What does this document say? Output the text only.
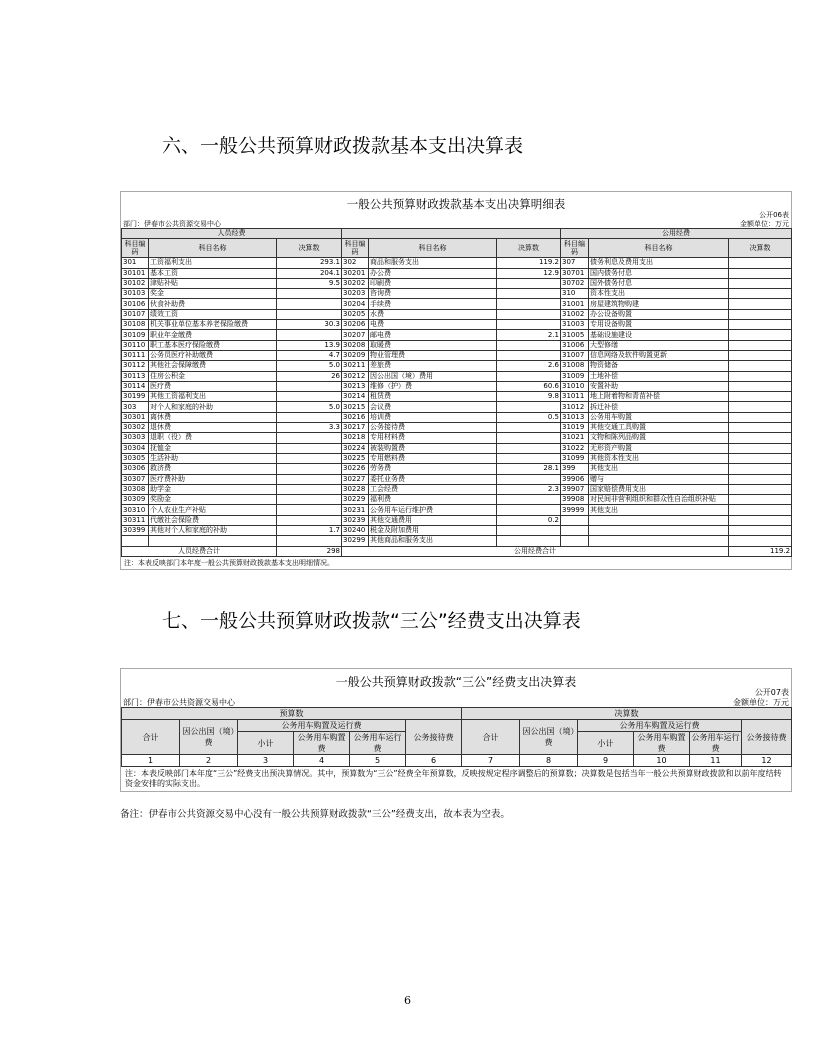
六、一般公共预算财政拨款基本支出决算表
一般公共预算财政拨款基本支出决算明细表
公开06表
部门：伊春市公共资源交易中心	金额单位：万元
人员经费						公用经费		
科目编码	科目名称	决算数	科目编码	科目名称	决算数	科目编码	科目名称	决算数
301	工资福利支出	293.1	302	商品和服务支出	119.2	307	债务利息及费用支出	
30101	基本工资	204.1	30201	办公费	12.9	30701	国内债务付息	
30102	津贴补贴	9.5	30202	印刷费		30702	国外债务付息	
30103	奖金		30203	咨询费		310	资本性支出	
30106	伙食补助费		30204	手续费		31001	房屋建筑物购建	
30107	绩效工资		30205	水费		31002	办公设备购置	
30108	机关事业单位基本养老保险缴费	30.3	30206	电费		31003	专用设备购置	
30109	职业年金缴费		30207	邮电费	2.1	31005	基础设施建设	
30110	职工基本医疗保险缴费	13.9	30208	取暖费		31006	大型修缮	
30111	公务员医疗补助缴费	4.7	30209	物业管理费		31007	信息网络及软件购置更新	
30112	其他社会保障缴费	5.0	30211	差旅费	2.6	31008	物资储备	
30113	住房公积金	26	30212	因公出国（境）费用		31009	土地补偿	
30114	医疗费		30213	维修（护）费	60.6	31010	安置补助	
30199	其他工资福利支出		30214	租赁费	9.8	31011	地上附着物和青苗补偿	
303	对个人和家庭的补助	5.0	30215	会议费		31012	拆迁补偿	
30301	离休费		30216	培训费	0.5	31013	公务用车购置	
30302	退休费	3.3	30217	公务接待费		31019	其他交通工具购置	
30303	退职（役）费		30218	专用材料费		31021	文物和陈列品购置	
30304	抚恤金		30224	被装购置费		31022	无形资产购置	
30305	生活补助		30225	专用燃料费		31099	其他资本性支出	
30306	救济费		30226	劳务费	28.1	399	其他支出	
30307	医疗费补助		30227	委托业务费		39906	赠与	
30308	助学金		30228	工会经费	2.3	39907	国家赔偿费用支出	
30309	奖励金		30229	福利费		39908	对民间非营利组织和群众性自治组织补贴	
30310	个人农业生产补贴		30231	公务用车运行维护费		39999	其他支出	
30311	代缴社会保险费		30239	其他交通费用	0.2			
30399	其他对个人和家庭的补助	1.7	30240	税金及附加费用				
			30299	其他商品和服务支出				
人员经费合计		298	公用经费合计					119.2
注：本表反映部门本年度一般公共预算财政拨款基本支出明细情况。
七、一般公共预算财政拨款“三公”经费支出决算表
一般公共预算财政拨款“三公”经费支出决算表
公开07表
部门：伊春市公共资源交易中心	金额单位：万元
预算数						决算数					
合计	因公出国（境）费	公务用车购置及运行费			公务接待费	合计	因公出国（境）费	公务用车购置及运行费			公务接待费
		小计	公务用车购置费	公务用车运行费				小计	公务用车购置费	公务用车运行费	
1	2	3	4	5	6	7	8	9	10	11	12
注：本表反映部门本年度“三公”经费支出预决算情况。其中，预算数为“三公”经费全年预算数，反映按规定程序调整后的预算数；决算数是包括当年一般公共预算财政拨款和以前年度结转资金安排的实际支出。
备注：伊春市公共资源交易中心没有一般公共预算财政拨款“三公”经费支出，故本表为空表。
6
